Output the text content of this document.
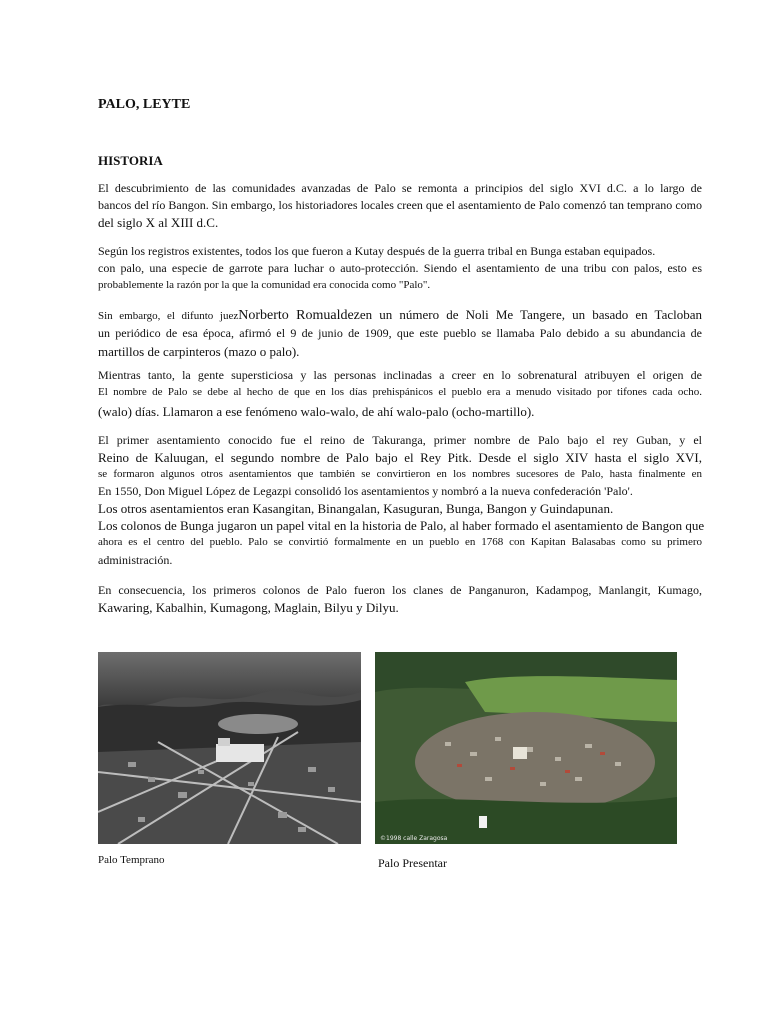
PALO, LEYTE
HISTORIA
El descubrimiento de las comunidades avanzadas de Palo se remonta a principios del siglo XVI d.C. a lo largo de
bancos del río Bangon. Sin embargo, los historiadores locales creen que el asentamiento de Palo comenzó tan temprano como
del siglo X al XIII d.C.
Según los registros existentes, todos los que fueron a Kutay después de la guerra tribal en Bunga estaban equipados.
con palo, una especie de garrote para luchar o auto-protección. Siendo el asentamiento de una tribu con palos, esto es
probablemente la razón por la que la comunidad era conocida como "Palo".
Sin embargo, el difunto juezNorberto Romualdezen un número de Noli Me Tangere, un basado en Tacloban
un periódico de esa época, afirmó el 9 de junio de 1909, que este pueblo se llamaba Palo debido a su abundancia de
martillos de carpinteros (mazo o palo).
Mientras tanto, la gente supersticiosa y las personas inclinadas a creer en lo sobrenatural atribuyen el origen de
El nombre de Palo se debe al hecho de que en los días prehispánicos el pueblo era a menudo visitado por tifones cada ocho.
(walo) días. Llamaron a ese fenómeno walo-walo, de ahí walo-palo (ocho-martillo).
El primer asentamiento conocido fue el reino de Takuranga, primer nombre de Palo bajo el rey Guban, y el
Reino de Kaluugan, el segundo nombre de Palo bajo el Rey Pitk. Desde el siglo XIV hasta el siglo XVI,
se formaron algunos otros asentamientos que también se convirtieron en los nombres sucesores de Palo, hasta finalmente en
En 1550, Don Miguel López de Legazpi consolidó los asentamientos y nombró a la nueva confederación 'Palo'.
Los otros asentamientos eran Kasangitan, Binangalan, Kasuguran, Bunga, Bangon y Guindapunan.
Los colonos de Bunga jugaron un papel vital en la historia de Palo, al haber formado el asentamiento de Bangon que
ahora es el centro del pueblo. Palo se convirtió formalmente en un pueblo en 1768 con Kapitan Balasabas como su primero
administración.
En consecuencia, los primeros colonos de Palo fueron los clanes de Panganuron, Kadampog, Manlangit, Kumago,
Kawaring, Kabalhin, Kumagong, Maglain, Bilyu y Dilyu.
©1998 calle Zaragosa

Palo Temprano	Palo Presentar
